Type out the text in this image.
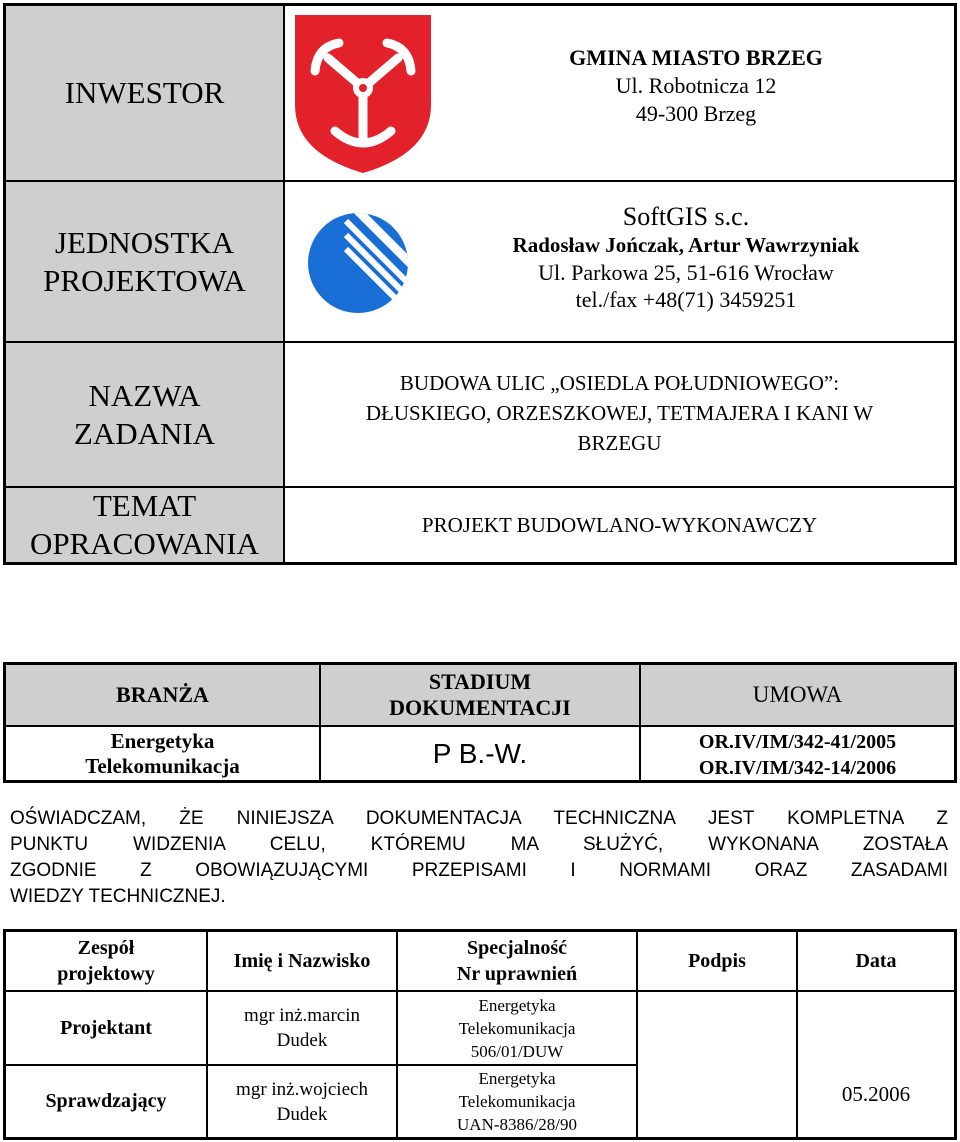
INWESTOR
GMINA MIASTO BRZEG
Ul. Robotnicza 12
49-300 Brzeg
JEDNOSTKA
PROJEKTOWA
SoftGIS s.c.
Radosław Jończak, Artur Wawrzyniak
Ul. Parkowa 25, 51-616 Wrocław
tel./fax +48(71) 3459251
NAZWA
ZADANIA
BUDOWA ULIC „OSIEDLA POŁUDNIOWEGO”:
DŁUSKIEGO, ORZESZKOWEJ, TETMAJERA I KANI W
BRZEGU
TEMAT
OPRACOWANIA
PROJEKT BUDOWLANO-WYKONAWCZY
BRANŻA
Energetyka
Telekomunikacja
STADIUM
DOKUMENTACJI
P B.-W.
UMOWA
OR.IV/IM/342-41/2005
OR.IV/IM/342-14/2006
OŚWIADCZAM, ŻE NINIEJSZA DOKUMENTACJA TECHNICZNA JEST KOMPLETNA Z
PUNKTU WIDZENIA CELU, KTÓREMU MA SŁUŻYĆ, WYKONANA ZOSTAŁA
ZGODNIE Z OBOWIĄZUJĄCYMI PRZEPISAMI I NORMAMI ORAZ ZASADAMI
WIEDZY TECHNICZNEJ.
Zespół
projektowy
Imię i Nazwisko
Specjalność
Nr uprawnień
Podpis	Data
Projektant
mgr inż.marcin
Dudek
Energetyka
Telekomunikacja
506/01/DUW
Sprawdzający
mgr inż.wojciech
Dudek
Energetyka
Telekomunikacja
UAN-8386/28/90
05.2006
